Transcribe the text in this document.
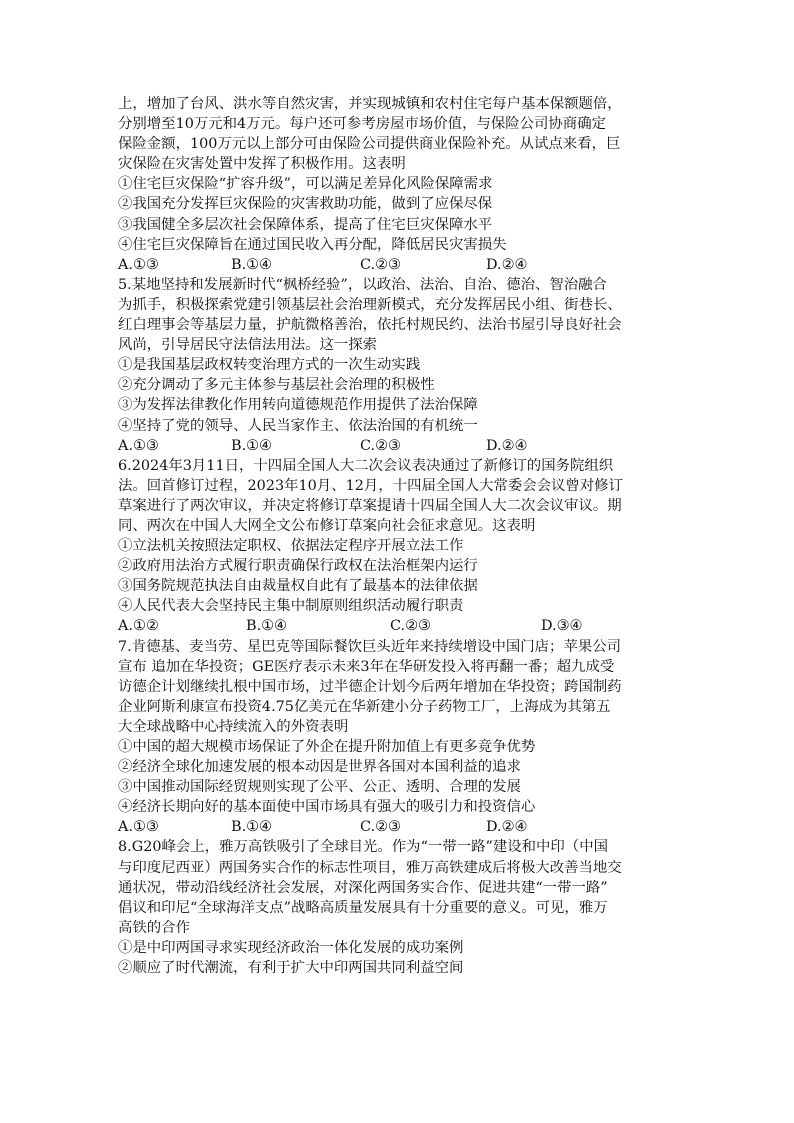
上，增加了台风、洪水等自然灾害，并实现城镇和农村住宅每户基本保额题倍，
分别增至10万元和4万元。每户还可参考房屋市场价值，与保险公司协商确定
保险金额，100万元以上部分可由保险公司提供商业保险补充。从试点来看，巨
灾保险在灾害处置中发挥了积极作用。这表明
①住宅巨灾保险“扩容升级”，可以满足差异化风险保障需求
②我国充分发挥巨灾保险的灾害救助功能，做到了应保尽保
③我国健全多层次社会保障体系，提高了住宅巨灾保障水平
④住宅巨灾保障旨在通过国民收入再分配，降低居民灾害损失
A.①③	B.①④	C.②③	D.②④
5.某地坚持和发展新时代“枫桥经验”，以政治、法治、自治、德治、智治融合
为抓手，积极探索党建引领基层社会治理新模式，充分发挥居民小组、街巷长、
红白理事会等基层力量，护航微格善治，依托村规民约、法治书屋引导良好社会
风尚，引导居民守法信法用法。这一探索
①是我国基层政权转变治理方式的一次生动实践
②充分调动了多元主体参与基层社会治理的积极性
③为发挥法律教化作用转向道德规范作用提供了法治保障
④坚持了党的领导、人民当家作主、依法治国的有机统一
A.①③	B.①④	C.②③	D.②④
6.2024年3月11日，十四届全国人大二次会议表决通过了新修订的国务院组织
法。回首修订过程，2023年10月、12月，十四届全国人大常委会会议曾对修订
草案进行了两次审议，并决定将修订草案提请十四届全国人大二次会议审议。期
同、两次在中国人大网全文公布修订草案向社会征求意见。这表明
①立法机关按照法定职权、依据法定程序开展立法工作
②政府用法治方式履行职责确保行政权在法治框架内运行
③国务院规范执法自由裁量权自此有了最基本的法律依据
④人民代表大会坚持民主集中制原则组织活动履行职责
A.①②	B.①④	C.②③	D.③④
7.肯德基、麦当劳、星巴克等国际餐饮巨头近年来持续增设中国门店；苹果公司
宣布 追加在华投资；GE医疗表示未来3年在华研发投入将再翻一番；超九成受
访德企计划继续扎根中国市场，过半德企计划今后两年增加在华投资；跨国制药
企业阿斯利康宣布投资4.75亿美元在华新建小分子药物工厂，上海成为其第五
大全球战略中心持续流入的外资表明
①中国的超大规模市场保证了外企在提升附加值上有更多竞争优势
②经济全球化加速发展的根本动因是世界各国对本国利益的追求
③中国推动国际经贸规则实现了公平、公正、透明、合理的发展
④经济长期向好的基本面使中国市场具有强大的吸引力和投资信心
A.①③	B.①④	C.②③	D.②④
8.G20峰会上，雅万高铁吸引了全球目光。作为“一带一路”建设和中印（中国
与印度尼西亚）两国务实合作的标志性项目，雅万高铁建成后将极大改善当地交
通状况，带动沿线经济社会发展，对深化两国务实合作、促进共建“一带一路”
倡议和印尼“全球海洋支点”战略高质量发展具有十分重要的意义。可见，雅万
高铁的合作
①是中印两国寻求实现经济政治一体化发展的成功案例
②顺应了时代潮流，有利于扩大中印两国共同利益空间
